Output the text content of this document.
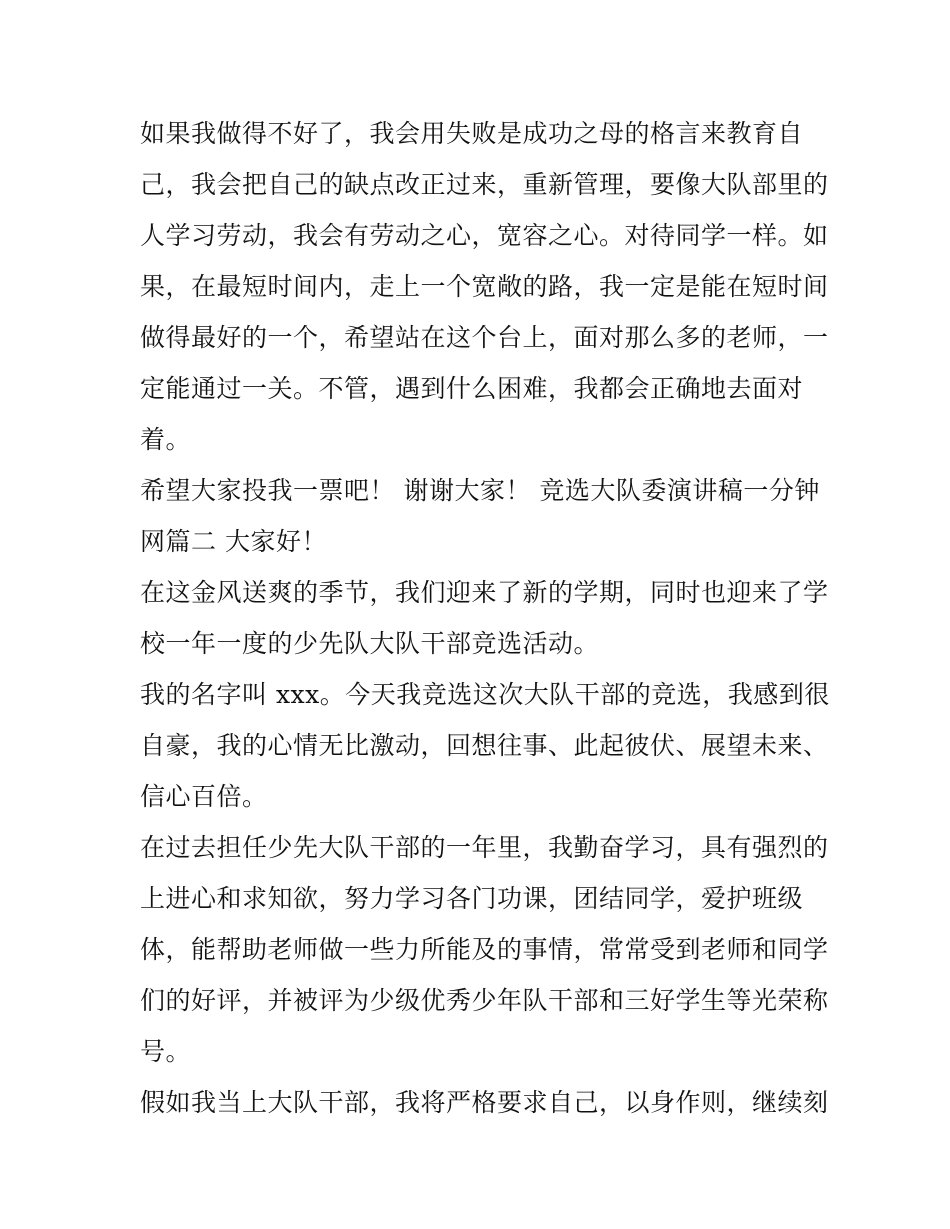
如果我做得不好了，我会用失败是成功之母的格言来教育自
己，我会把自己的缺点改正过来，重新管理，要像大队部里的
人学习劳动，我会有劳动之心，宽容之心。对待同学一样。如
果，在最短时间内，走上一个宽敞的路，我一定是能在短时间
做得最好的一个，希望站在这个台上，面对那么多的老师，一
定能通过一关。不管，遇到什么困难，我都会正确地去面对
着。
希望大家投我一票吧！ 谢谢大家！ 竞选大队委演讲稿一分钟
网篇二 大家好！
在这金风送爽的季节，我们迎来了新的学期，同时也迎来了学
校一年一度的少先队大队干部竞选活动。
我的名字叫 xxx。今天我竞选这次大队干部的竞选，我感到很
自豪，我的心情无比激动，回想往事、此起彼伏、展望未来、
信心百倍。
在过去担任少先大队干部的一年里，我勤奋学习，具有强烈的
上进心和求知欲，努力学习各门功课，团结同学，爱护班级
体，能帮助老师做一些力所能及的事情，常常受到老师和同学
们的好评，并被评为少级优秀少年队干部和三好学生等光荣称
号。
假如我当上大队干部，我将严格要求自己，以身作则，继续刻
